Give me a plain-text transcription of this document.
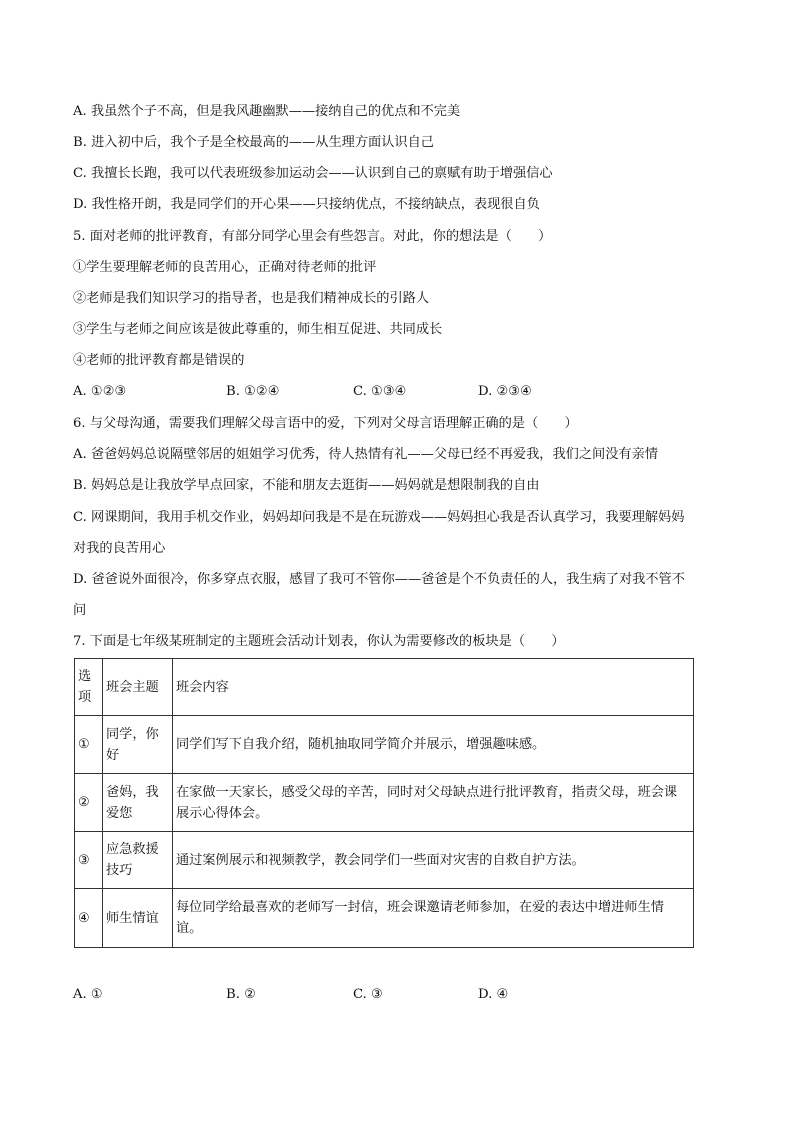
A. 我虽然个子不高，但是我风趣幽默——接纳自己的优点和不完美
B. 进入初中后，我个子是全校最高的——从生理方面认识自己
C. 我擅长长跑，我可以代表班级参加运动会——认识到自己的禀赋有助于增强信心
D. 我性格开朗，我是同学们的开心果——只接纳优点，不接纳缺点，表现很自负
5. 面对老师的批评教育，有部分同学心里会有些怨言。对此，你的想法是（　　）
①学生要理解老师的良苦用心，正确对待老师的批评
②老师是我们知识学习的指导者，也是我们精神成长的引路人
③学生与老师之间应该是彼此尊重的，师生相互促进、共同成长
④老师的批评教育都是错误的
A. ①②③	B. ①②④	C. ①③④	D. ②③④
6. 与父母沟通，需要我们理解父母言语中的爱，下列对父母言语理解正确的是（　　）
A. 爸爸妈妈总说隔壁邻居的姐姐学习优秀，待人热情有礼——父母已经不再爱我，我们之间没有亲情
B. 妈妈总是让我放学早点回家，不能和朋友去逛街——妈妈就是想限制我的自由
C. 网课期间，我用手机交作业，妈妈却问我是不是在玩游戏——妈妈担心我是否认真学习，我要理解妈妈
对我的良苦用心
D. 爸爸说外面很冷，你多穿点衣服，感冒了我可不管你——爸爸是个不负责任的人，我生病了对我不管不
问
7. 下面是七年级某班制定的主题班会活动计划表，你认为需要修改的板块是（　　）
选项	班会主题	班会内容
①	同学，你好	同学们写下自我介绍，随机抽取同学简介并展示，增强趣味感。
②	爸妈，我爱您	在家做一天家长，感受父母的辛苦，同时对父母缺点进行批评教育，指责父母，班会课展示心得体会。
③	应急救援技巧	通过案例展示和视频教学，教会同学们一些面对灾害的自救自护方法。
④	师生情谊	每位同学给最喜欢的老师写一封信，班会课邀请老师参加，在爱的表达中增进师生情谊。
A. ①	B. ②	C. ③	D. ④
